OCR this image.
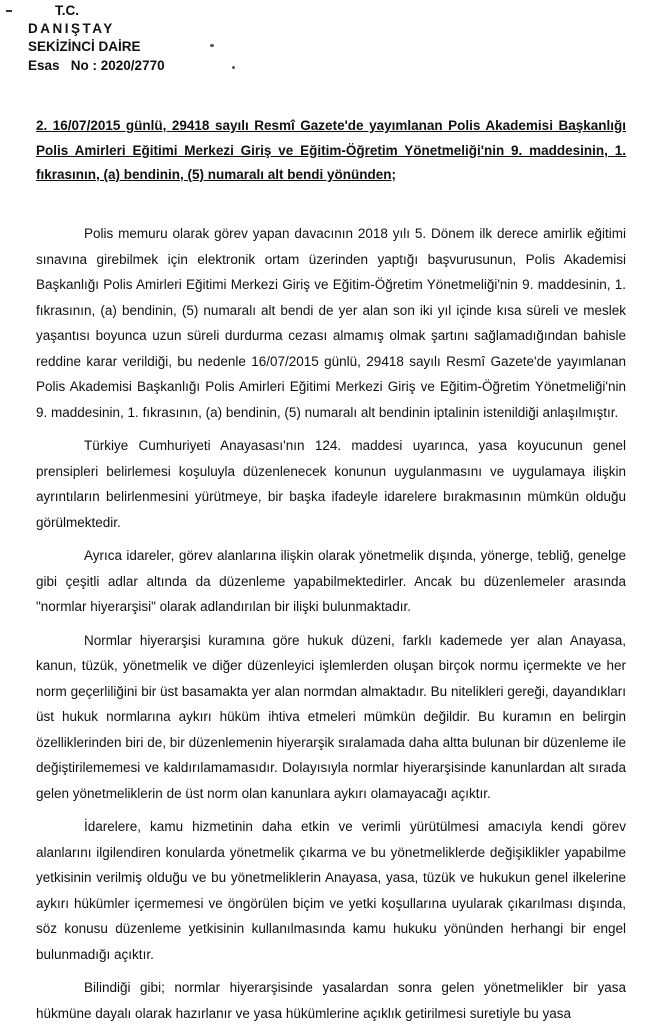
T.C.
DANIŞTAY
SEKİZİNCİ DAİRE
Esas   No : 2020/2770
2. 16/07/2015 günlü, 29418 sayılı Resmî Gazete'de yayımlanan Polis Akademisi Başkanlığı Polis Amirleri Eğitimi Merkezi Giriş ve Eğitim-Öğretim Yönetmeliği'nin 9. maddesinin, 1. fıkrasının, (a) bendinin, (5) numaralı alt bendi yönünden;

Polis memuru olarak görev yapan davacının 2018 yılı 5. Dönem ilk derece amirlik eğitimi sınavına girebilmek için elektronik ortam üzerinden yaptığı başvurusunun, Polis Akademisi Başkanlığı Polis Amirleri Eğitimi Merkezi Giriş ve Eğitim-Öğretim Yönetmeliği'nin 9. maddesinin, 1. fıkrasının, (a) bendinin, (5) numaralı alt bendi de yer alan son iki yıl içinde kısa süreli ve meslek yaşantısı boyunca uzun süreli durdurma cezası almamış olmak şartını sağlamadığından bahisle reddine karar verildiği, bu nedenle 16/07/2015 günlü, 29418 sayılı Resmî Gazete'de yayımlanan Polis Akademisi Başkanlığı Polis Amirleri Eğitimi Merkezi Giriş ve Eğitim-Öğretim Yönetmeliği'nin 9. maddesinin, 1. fıkrasının, (a) bendinin, (5) numaralı alt bendinin iptalinin istenildiği anlaşılmıştır.

Türkiye Cumhuriyeti Anayasası'nın 124. maddesi uyarınca, yasa koyucunun genel prensipleri belirlemesi koşuluyla düzenlenecek konunun uygulanmasını ve uygulamaya ilişkin ayrıntıların belirlenmesini yürütmeye, bir başka ifadeyle idarelere bırakmasının mümkün olduğu görülmektedir.

Ayrıca idareler, görev alanlarına ilişkin olarak yönetmelik dışında, yönerge, tebliğ, genelge gibi çeşitli adlar altında da düzenleme yapabilmektedirler. Ancak bu düzenlemeler arasında "normlar hiyerarşisi" olarak adlandırılan bir ilişki bulunmaktadır.

Normlar hiyerarşisi kuramına göre hukuk düzeni, farklı kademede yer alan Anayasa, kanun, tüzük, yönetmelik ve diğer düzenleyici işlemlerden oluşan birçok normu içermekte ve her norm geçerliliğini bir üst basamakta yer alan normdan almaktadır. Bu nitelikleri gereği, dayandıkları üst hukuk normlarına aykırı hüküm ihtiva etmeleri mümkün değildir. Bu kuramın en belirgin özelliklerinden biri de, bir düzenlemenin hiyerarşik sıralamada daha altta bulunan bir düzenleme ile değiştirilememesi ve kaldırılamamasıdır. Dolayısıyla normlar hiyerarşisinde kanunlardan alt sırada gelen yönetmeliklerin de üst norm olan kanunlara aykırı olamayacağı açıktır.

İdarelere, kamu hizmetinin daha etkin ve verimli yürütülmesi amacıyla kendi görev alanlarını ilgilendiren konularda yönetmelik çıkarma ve bu yönetmeliklerde değişiklikler yapabilme yetkisinin verilmiş olduğu ve bu yönetmeliklerin Anayasa, yasa, tüzük ve hukukun genel ilkelerine aykırı hükümler içermemesi ve öngörülen biçim ve yetki koşullarına uyularak çıkarılması dışında, söz konusu düzenleme yetkisinin kullanılmasında kamu hukuku yönünden herhangi bir engel bulunmadığı açıktır.

Bilindiği gibi; normlar hiyerarşisinde yasalardan sonra gelen yönetmelikler bir yasa hükmüne dayalı olarak hazırlanır ve yasa hükümlerine açıklık getirilmesi suretiyle bu yasa
